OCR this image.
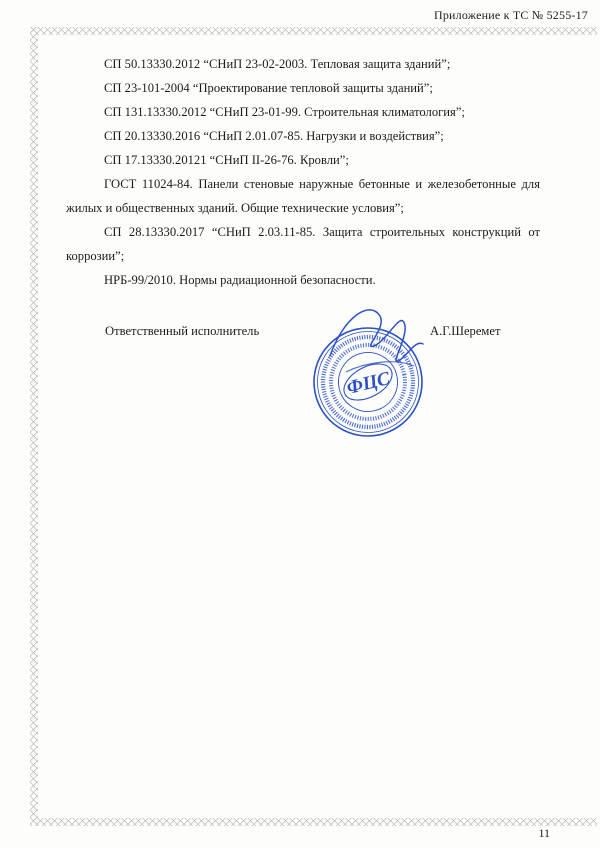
Приложение к ТС № 5255-17

СП 50.13330.2012 “СНиП 23-02-2003. Тепловая защита зданий”;

СП 23-101-2004 “Проектирование тепловой защиты зданий”;

СП 131.13330.2012 “СНиП 23-01-99. Строительная климатология”;

СП 20.13330.2016 “СНиП 2.01.07-85. Нагрузки и воздействия”;

СП 17.13330.20121 “СНиП II-26-76. Кровли”;

ГОСТ 11024-84. Панели стеновые наружные бетонные и железобетонные для жилых и общественных зданий. Общие технические условия”;

СП 28.13330.2017 “СНиП 2.03.11-85. Защита строительных конструкций от коррозии”;

НРБ-99/2010. Нормы радиационной безопасности.

Ответственный исполнитель	А.Г.Шеремет
ФЦС
11
